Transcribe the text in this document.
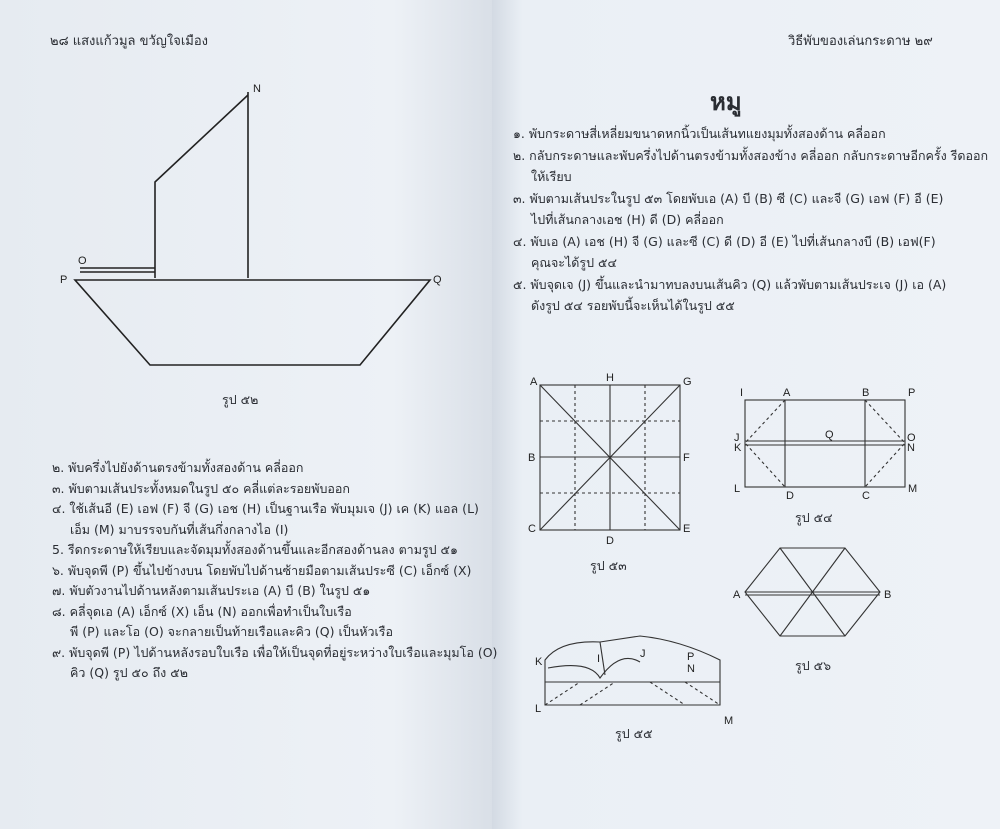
๒๘ แสงแก้วมูล ขวัญใจเมือง	วิธีพับของเล่นกระดาษ ๒๙
N
O
P	Q
A	H	G
B	F
C
D
E
I	A	B	P
J
K
Q	O
N
L
D	C
M
A	B
K
J
I	P
N
L
M
รูป ๕๒
รูป ๕๓
รูป ๕๔
รูป ๕๕
รูป ๕๖
๒. พับครึ่งไปยังด้านตรงข้ามทั้งสองด้าน คลี่ออก
๓. พับตามเส้นประทั้งหมดในรูป ๕๐ คลี่แต่ละรอยพับออก
๔. ใช้เส้นอี (E) เอฟ (F) จี (G) เอช (H) เป็นฐานเรือ พับมุมเจ (J) เค (K) แอล (L)
เอ็ม (M) มาบรรจบกันที่เส้นกึ่งกลางไอ (I)
5. รีดกระดาษให้เรียบและจัดมุมทั้งสองด้านขึ้นและอีกสองด้านลง ตามรูป ๕๑
๖. พับจุดพี (P) ขึ้นไปข้างบน โดยพับไปด้านซ้ายมือตามเส้นประซี (C) เอ็กซ์ (X)
๗. พับตัวงานไปด้านหลังตามเส้นประเอ (A) บี (B) ในรูป ๕๑
๘. คลี่จุดเอ (A) เอ็กซ์ (X) เอ็น (N) ออกเพื่อทำเป็นใบเรือ
พี (P) และโอ (O) จะกลายเป็นท้ายเรือและคิว (Q) เป็นหัวเรือ
๙. พับจุดพี (P) ไปด้านหลังรอบใบเรือ เพื่อให้เป็นจุดที่อยู่ระหว่างใบเรือและมุมโอ (O)
คิว (Q) รูป ๕๐ ถึง ๕๒
หมู
๑. พับกระดาษสี่เหลี่ยมขนาดหกนิ้วเป็นเส้นทแยงมุมทั้งสองด้าน คลี่ออก
๒. กลับกระดาษและพับครึ่งไปด้านตรงข้ามทั้งสองข้าง คลี่ออก กลับกระดาษอีกครั้ง รีดออก
ให้เรียบ
๓. พับตามเส้นประในรูป ๕๓ โดยพับเอ (A) บี (B) ซี (C) และจี (G) เอฟ (F) อี (E)
ไปที่เส้นกลางเอช (H) ดี (D) คลี่ออก
๔. พับเอ (A) เอช (H) จี (G) และซี (C) ดี (D) อี (E) ไปที่เส้นกลางบี (B) เอฟ(F)
คุณจะได้รูป ๕๔
๕. พับจุดเจ (J) ขึ้นและนำมาทบลงบนเส้นคิว (Q) แล้วพับตามเส้นประเจ (J) เอ (A)
ดังรูป ๕๔ รอยพับนี้จะเห็นได้ในรูป ๕๕
